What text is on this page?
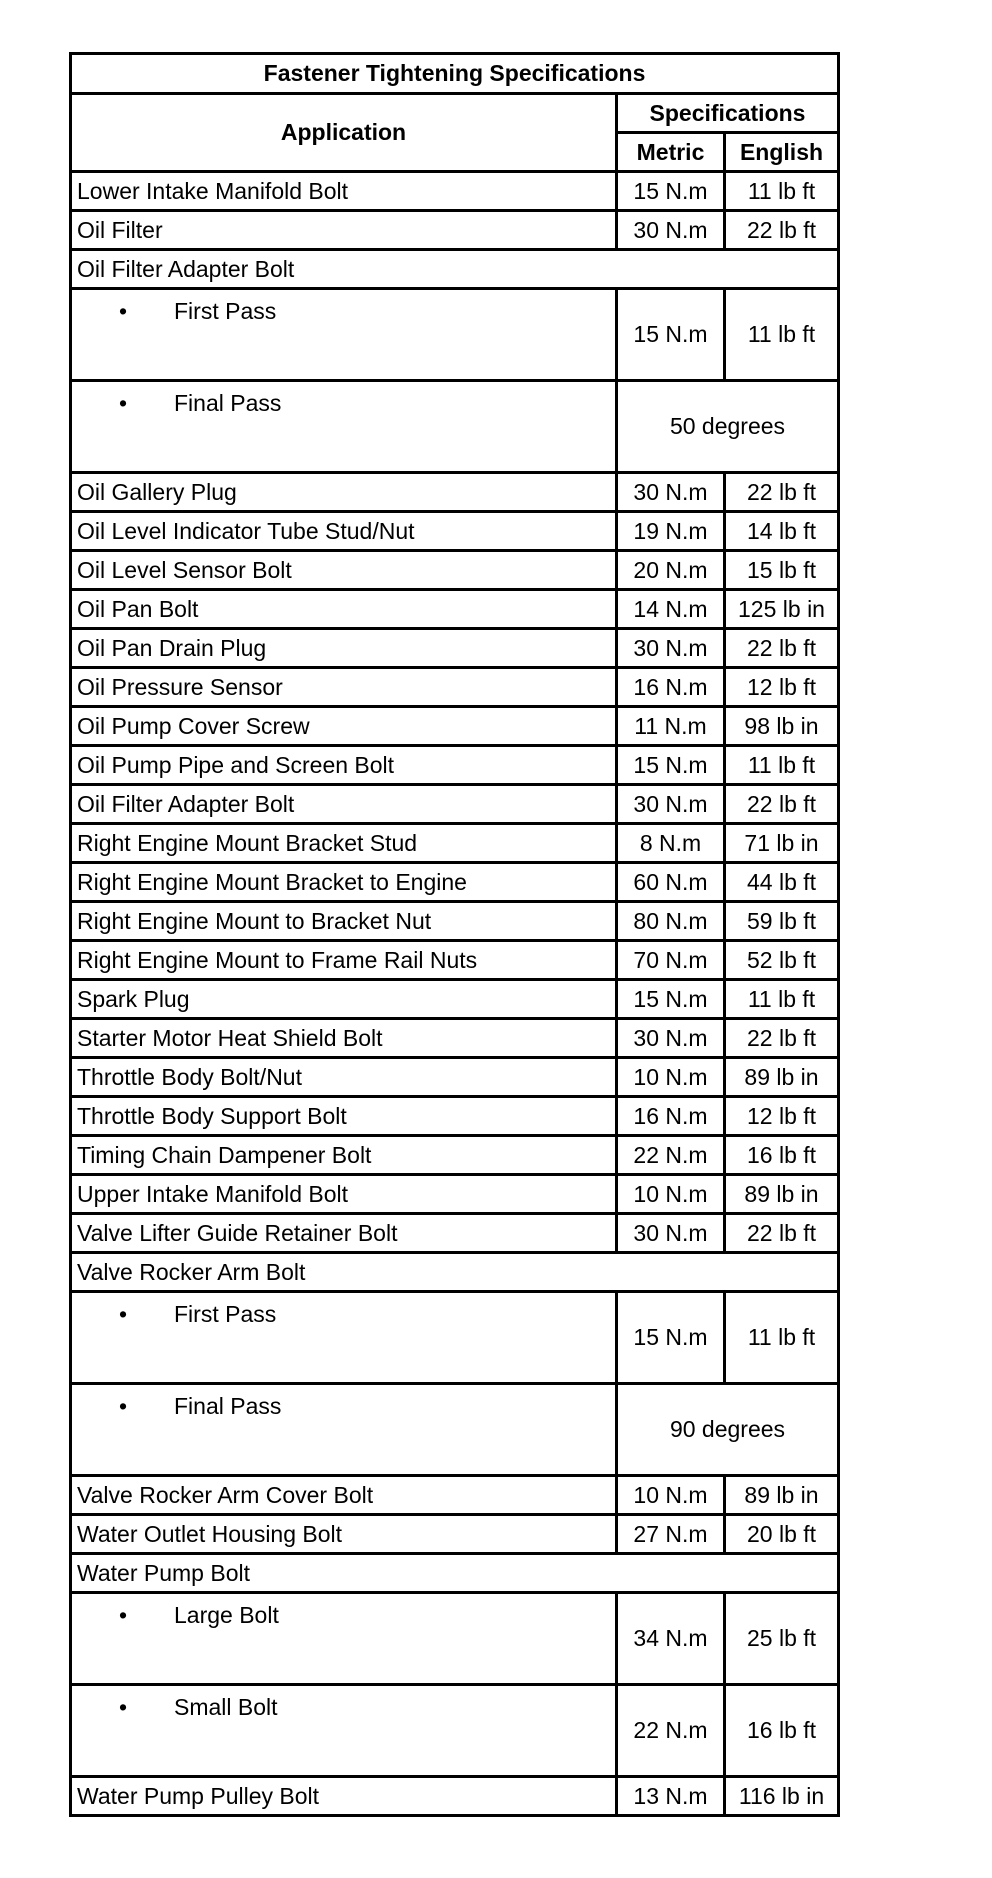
Fastener Tightening Specifications		
Application	Specifications	
	Metric	English
Lower Intake Manifold Bolt	15 N.m	11 lb ft
Oil Filter	30 N.m	22 lb ft
Oil Filter Adapter Bolt		
• First Pass	15 N.m	11 lb ft
• Final Pass	50 degrees	
Oil Gallery Plug	30 N.m	22 lb ft
Oil Level Indicator Tube Stud/Nut	19 N.m	14 lb ft
Oil Level Sensor Bolt	20 N.m	15 lb ft
Oil Pan Bolt	14 N.m	125 lb in
Oil Pan Drain Plug	30 N.m	22 lb ft
Oil Pressure Sensor	16 N.m	12 lb ft
Oil Pump Cover Screw	11 N.m	98 lb in
Oil Pump Pipe and Screen Bolt	15 N.m	11 lb ft
Oil Filter Adapter Bolt	30 N.m	22 lb ft
Right Engine Mount Bracket Stud	8 N.m	71 lb in
Right Engine Mount Bracket to Engine	60 N.m	44 lb ft
Right Engine Mount to Bracket Nut	80 N.m	59 lb ft
Right Engine Mount to Frame Rail Nuts	70 N.m	52 lb ft
Spark Plug	15 N.m	11 lb ft
Starter Motor Heat Shield Bolt	30 N.m	22 lb ft
Throttle Body Bolt/Nut	10 N.m	89 lb in
Throttle Body Support Bolt	16 N.m	12 lb ft
Timing Chain Dampener Bolt	22 N.m	16 lb ft
Upper Intake Manifold Bolt	10 N.m	89 lb in
Valve Lifter Guide Retainer Bolt	30 N.m	22 lb ft
Valve Rocker Arm Bolt		
• First Pass	15 N.m	11 lb ft
• Final Pass	90 degrees	
Valve Rocker Arm Cover Bolt	10 N.m	89 lb in
Water Outlet Housing Bolt	27 N.m	20 lb ft
Water Pump Bolt		
• Large Bolt	34 N.m	25 lb ft
• Small Bolt	22 N.m	16 lb ft
Water Pump Pulley Bolt	13 N.m	116 lb in
